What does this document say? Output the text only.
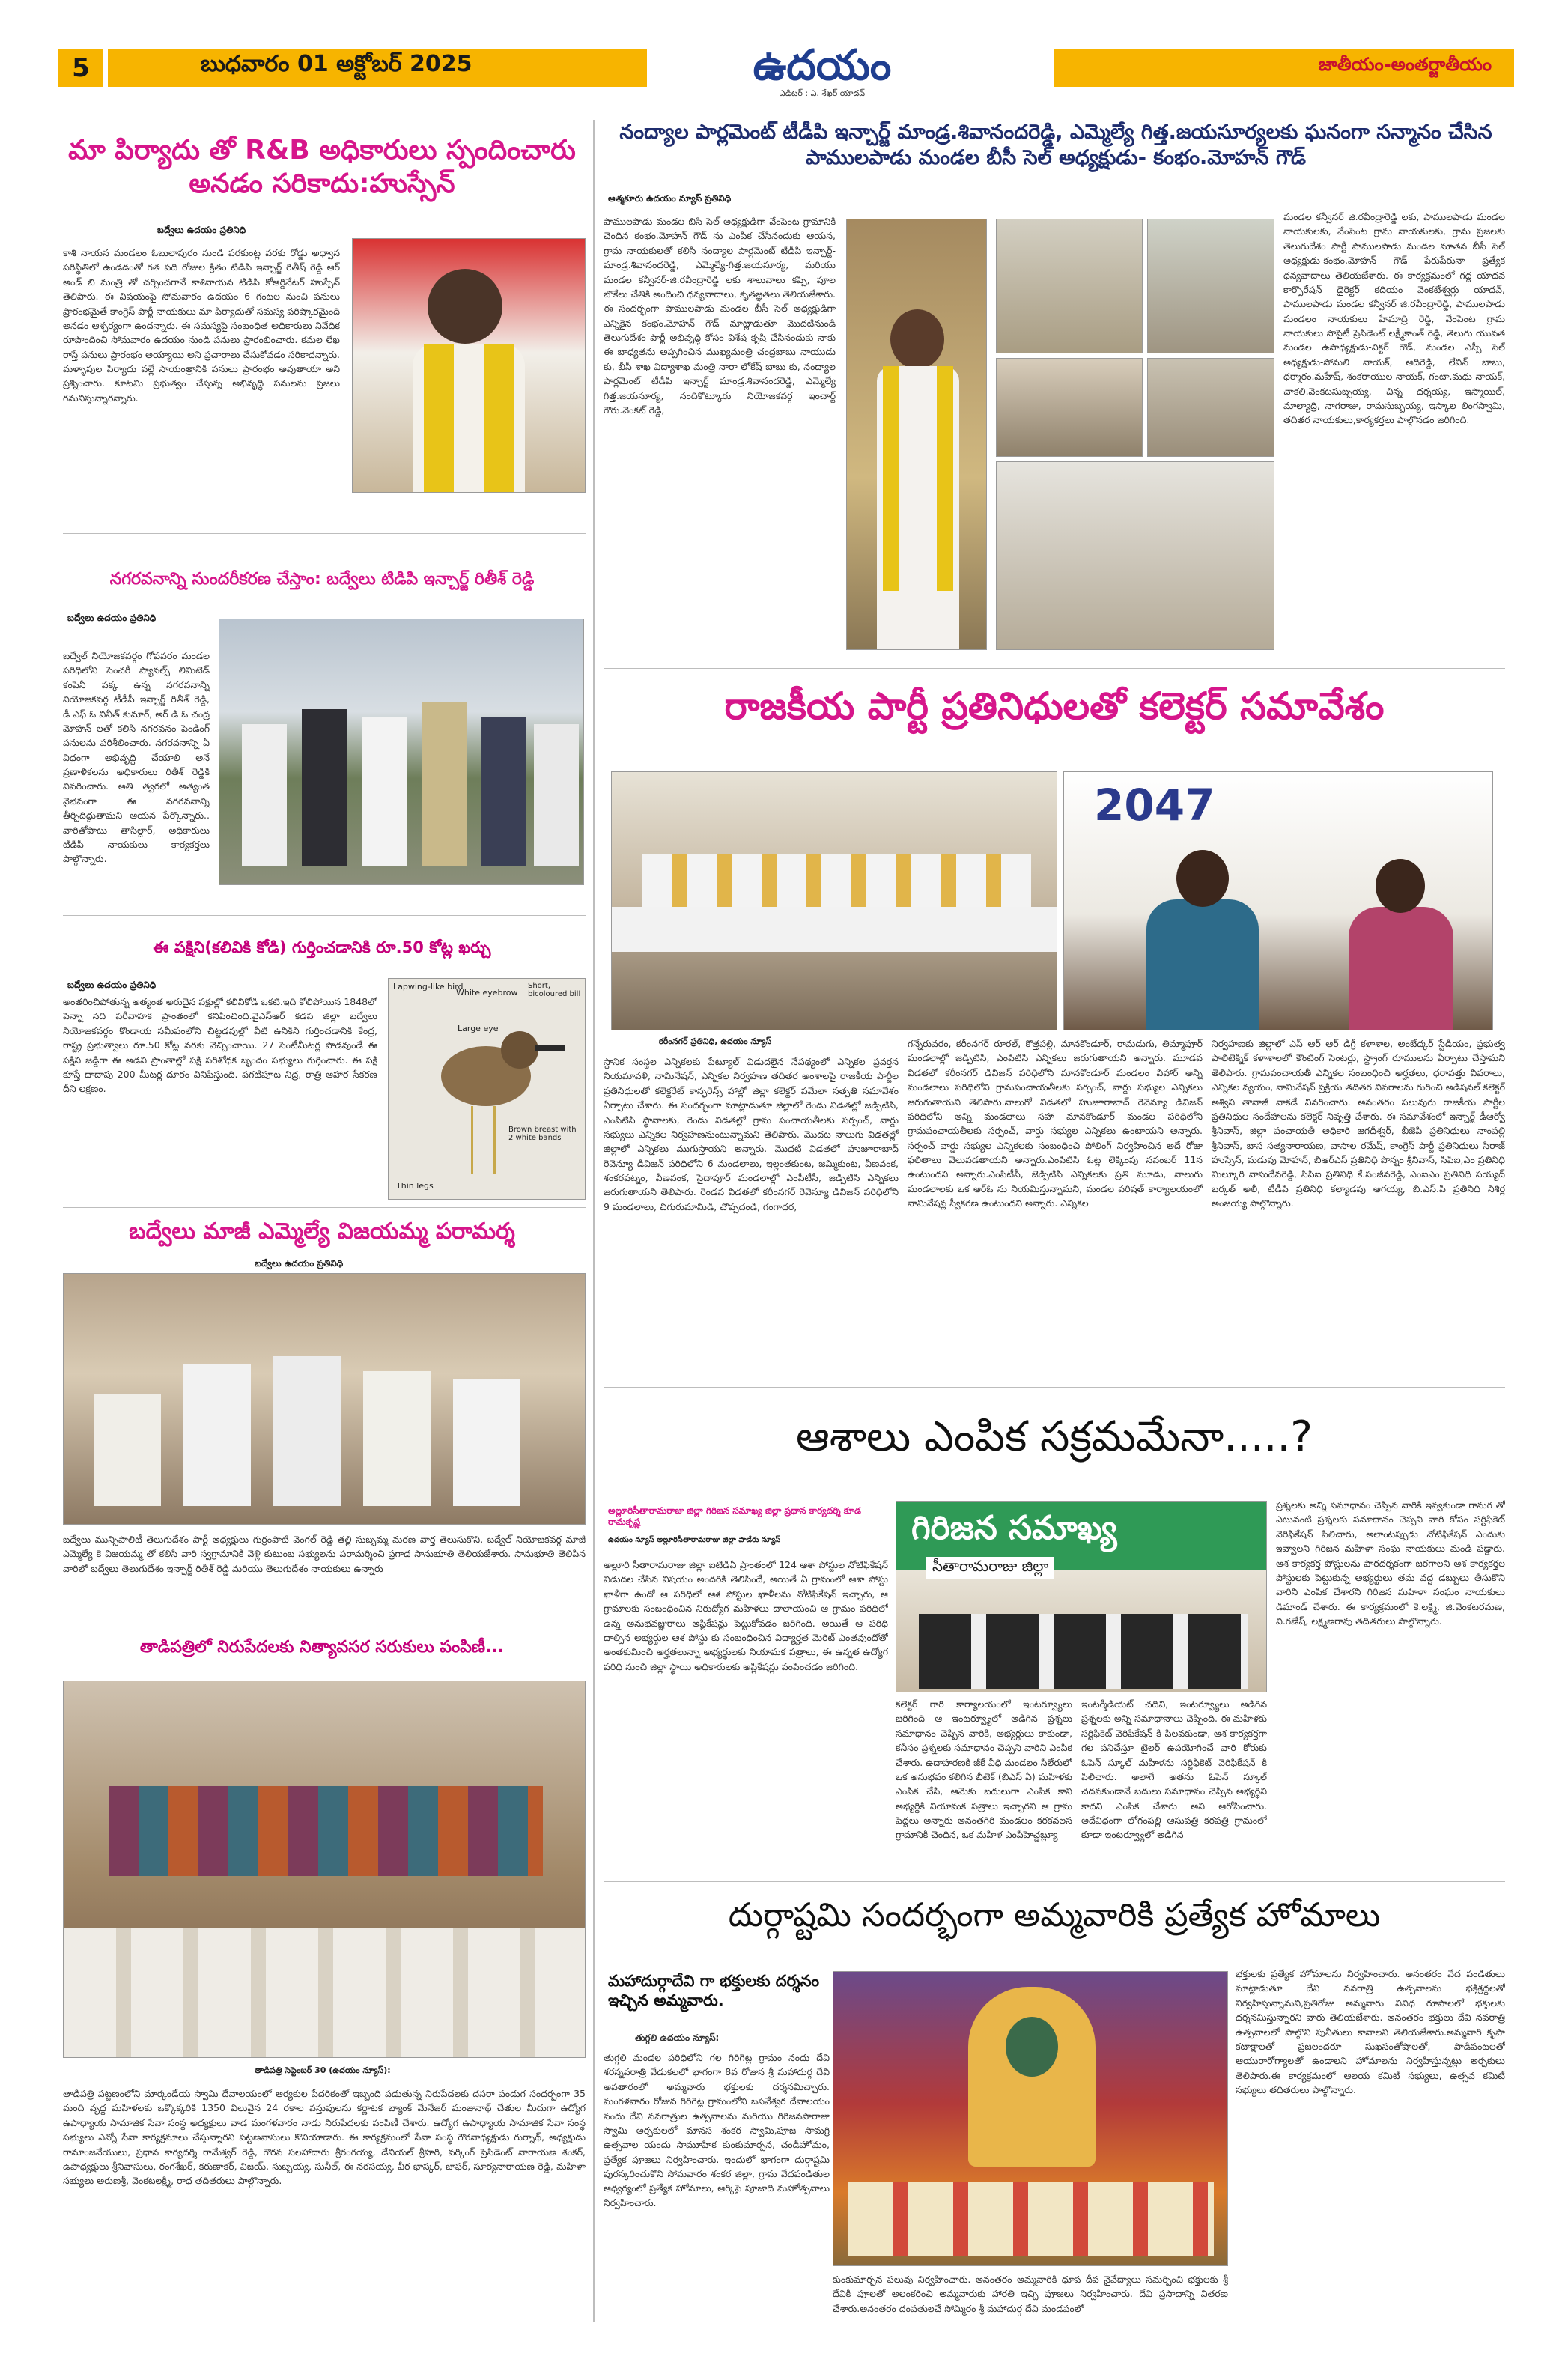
5	బుధవారం 01 అక్టోబర్ 2025	ఉదయం
ఎడిటర్ : ఎ. శేఖర్ యాదవ్
జాతీయం-అంతర్జాతీయం
మా పిర్యాదు తో R&B అధికారులు స్పందించారు అనడం సరికాదు:హుస్సేన్
బద్వేలు ఉదయం ప్రతినిధి
కాశి నాయన మండలం ఓబులాపురం నుండి పరకుంట్ల వరకు రోడ్డు అధ్వాన పరిస్థితిలో ఉండడంతో గత పది రోజుల క్రితం టిడిపి ఇన్చార్జ్ రితీష్ రెడ్డి ఆర్ అండ్ బి మంత్రి తో చర్చించగానే కాశినాయన టిడిపి కోఆర్డినేటర్ హుస్సేన్ తెలిపారు. ఈ విషయంపై సోమవారం ఉదయం 6 గంటల నుంచి పనులు ప్రారంభమైతే కాంగ్రెస్ పార్టీ నాయకులు మా పిర్యాదుతో సమస్య పరిష్కారమైంది అనడం ఆశ్చర్యంగా ఉందన్నారు. ఈ సమస్యపై సంబంధిత అధికారులు నివేదిక రూపొందించి సోమవారం ఉదయం నుండి పనులు ప్రారంభించారు. కమల లేఖ రాస్తే పనులు ప్రారంభం అయ్యాయి అని ప్రచారాలు చేసుకోవడం సరికాదన్నారు. మళ్ళాపుల పిర్యాదు వల్లే సాయంత్రానికి పనులు ప్రారంభం అవుతాయా అని ప్రశ్నించారు. కూటమి ప్రభుత్వం చేస్తున్న అభివృద్ధి పనులను ప్రజలు గమనిస్తున్నారన్నారు.
నగరవనాన్ని సుందరీకరణ చేస్తాం: బద్వేలు టిడిపి ఇన్చార్జ్ రితీశ్ రెడ్డి
బద్వేలు ఉదయం ప్రతినిధి
బద్వేల్ నియోజకవర్గం గోపవరం మండల పరిధిలోని సెంచరీ ప్యానల్స్ లిమిటెడ్ కంపెనీ పక్క ఉన్న నగరవనాన్ని నియోజకవర్గ టీడీపీ ఇన్చార్జ్ రితీశ్ రెడ్డి, డీ ఎఫ్ ఓ వినీత్ కుమార్, అర్ డి ఓ చంద్ర మోహన్ లతో కలిసి నగరవనం పెండింగ్ పనులను పరిశీలించారు. నగరవనాన్ని ఏ విధంగా అభివృద్ధి చేయాలి అనే ప్రణాళికలను అధికారులు రితీశ్ రెడ్డికి వివరించారు. అతి త్వరలో అత్యంత వైభవంగా ఈ నగరవనాన్ని తీర్చిదిద్దుతామని ఆయన పేర్కొన్నారు.. వారితోపాటు తాసిల్దార్, అధికారులు టీడీపీ నాయకులు కార్యకర్తలు పాల్గొన్నారు.
ఈ పక్షిని(కలివికి కోడి) గుర్తించడానికి రూ.50 కోట్ల ఖర్చు
బద్వేలు ఉదయం ప్రతినిధి
అంతరించిపోతున్న అత్యంత అరుదైన పక్షుల్లో కలివికోడి ఒకటి.ఇది కోలిపోయిన 1848లో పెన్నా నది పరీవాహక ప్రాంతంలో కనిపించింది.వైఎస్ఆర్ కడప జిల్లా బద్వేలు నియోజకవర్గం కొండాయ సమీపంలోని చిట్టడవుల్లో వీటి ఉనికిని గుర్తించడానికి కేంద్ర, రాష్ట్ర ప్రభుత్వాలు రూ.50 కోట్ల వరకు వెచ్చించాయి. 27 సెంటీమీటర్ల పొడవుండే ఈ పక్షిని జడ్డిగా ఈ అడవి ప్రాంతాల్లో పక్షి పరిశోధక బృందం సభ్యులు గుర్తించారు. ఈ పక్షి కూస్తే దాదాపు 200 మీటర్ల దూరం వినిపిస్తుంది. పగటిపూట నిద్ర, రాత్రి ఆహార సేకరణ దీని లక్షణం.
Lapwing-like bird
White eyebrow
Short, bicoloured bill
Large eye
Brown breast with 2 white bands
Thin legs
బద్వేలు మాజీ ఎమ్మెల్యే విజయమ్మ పరామర్శ
బద్వేలు ఉదయం ప్రతినిధి
బద్వేలు మున్సిపాలిటీ తెలుగుదేశం పార్టీ అధ్యక్షులు గుర్రంపాటి వెంగల్ రెడ్డి తల్లి సుబ్బమ్మ మరణ వార్త తెలుసుకొని, బద్వేల్ నియోజకవర్గ మాజీ ఎమ్మెల్యే కె విజయమ్మ తో కలిసి వారి స్వగ్రామానికి వెళ్లి కుటుంబ సభ్యులను పరామర్శించి ప్రగాఢ సానుభూతి తెలియజేశారు. సానుభూతి తెలిపిన వారిలో బద్వేలు తెలుగుదేశం ఇన్చార్జ్ రితీశ్ రెడ్డి మరియు తెలుగుదేశం నాయకులు ఉన్నారు
తాడిపత్రిలో నిరుపేదలకు నిత్యావసర సరుకులు పంపిణీ...
తాడిపత్రి సెప్టెంబర్ 30 (ఉదయం న్యూస్):
తాడిపత్రి పట్టణంలోని మార్కండేయ స్వామి దేవాలయంలో ఆర్యకుల పేదరికంతో ఇబ్బంది పడుతున్న నిరుపేదలకు దసరా పండుగ సందర్భంగా 35 మంది వృద్ధ మహిళలకు ఒక్కొక్కరికి 1350 విలువైన 24 రకాల వస్తువులను కర్ణాటక బ్యాంక్ మేనేజర్ మంజునాథ్ చేతుల మీదుగా ఉద్యోగ ఉపాధ్యాయ సామాజిక సేవా సంస్థ అధ్యక్షులు వాడ మంగళవారం నాడు నిరుపేదలకు పంపిణీ చేశారు. ఉద్యోగ ఉపాధ్యాయ సామాజిక సేవా సంస్థ సభ్యులు ఎన్నో సేవా కార్యక్రమాలు చేస్తున్నారని పట్టణవాసులు కొనియాడారు. ఈ కార్యక్రమంలో సేవా సంస్థ గౌరవాధ్యక్షుడు గుర్నాథ్, అధ్యక్షుడు రామాంజనేయులు, ప్రధాన కార్యదర్శి రామేశ్వర్ రెడ్డి, గౌరవ సలహాదారు శ్రీరంగయ్య, డేనియల్ శ్రీహరి, వర్కింగ్ ప్రెసిడెంట్ నారాయణ శంకర్, ఉపాధ్యక్షులు శ్రీనివాసులు, రంగశేఖర్, కరుణాకర్, విజయ్, సుబ్బయ్య, సునీల్, ఈ నరసయ్య, వీర భాస్కర్, జాఫర్, సూర్యనారాయణ రెడ్డి, మహిళా సభ్యులు అరుణశ్రీ, వెంకటలక్ష్మి, రాధ తదితరులు పాల్గొన్నారు.
నంద్యాల పార్లమెంట్ టీడీపి ఇన్చార్జ్ మాండ్ర.శివానందరెడ్డి, ఎమ్మెల్యే గిత్త.జయసూర్యలకు ఘనంగా సన్మానం చేసిన పాములపాడు మండల బీసీ సెల్ అధ్యక్షుడు- కంభం.మోహన్ గౌడ్
ఆత్మకూరు ఉదయం న్యూస్ ప్రతినిధి
పాములపాడు మండల బిసి సెల్ అధ్యక్షుడిగా వేంపెంట గ్రామానికి చెందిన కంభం.మోహన్ గౌడ్ ను ఎంపిక చేసినందుకు ఆయన, గ్రామ నాయకులతో కలిసి నంద్యాల పార్లమెంట్ టీడీపి ఇన్చార్జ్-మాండ్ర.శివానందరెడ్డి, ఎమ్మెల్యే-గిత్త.జయసూర్య, మరియు మండల కన్వీనర్-జి.రవీంద్రారెడ్డి లకు శాలువాలు కప్పి, పూల బొకేలు చేతికి అందించి ధన్యవాదాలు, కృతజ్ఞతలు తెలియజేశారు. ఈ సందర్భంగా పాములపాడు మండల బీసీ సెల్ అధ్యక్షుడిగా ఎన్నికైన కంభం.మోహన్ గౌడ్ మాట్లాడుతూ మొదటినుండి తెలుగుదేశం పార్టీ అభివృద్ధి కోసం విశేష కృషి చేసినందుకు నాకు ఈ బాధ్యతను అప్పగించిన ముఖ్యమంత్రి చంద్రబాబు నాయుడు కు, బీసీ శాఖ విద్యాశాఖ మంత్రి నారా లోకేష్ బాబు కు, నంద్యాల పార్లమెంట్ టీడీపి ఇన్చార్జ్ మాండ్ర.శివానందరెడ్డి, ఎమ్మెల్యే గిత్త.జయసూర్య, నందికొట్కూరు నియోజకవర్గ ఇంచార్జ్ గౌరు.వెంకట్ రెడ్డి,
మండల కన్వీనర్ జి.రవీంద్రారెడ్డి లకు, పాములపాడు మండల నాయకులకు, వేంపెంట గ్రామ నాయకులకు, గ్రామ ప్రజలకు తెలుగుదేశం పార్టీ పాములపాడు మండల నూతన బీసీ సెల్ అధ్యక్షుడు-కంభం.మోహన్ గౌడ్ పేరుపేరునా ప్రత్యేక ధన్యవాదాలు తెలియజేశారు. ఈ కార్యక్రమంలో గద్ద యాదవ కార్పొరేషన్ డైరెక్టర్ కదియం వెంకటేశ్వర్లు యాదవ్, పాములపాడు మండల కన్వీనర్ జి.రవీంద్రారెడ్డి, పాములపాడు మండలం నాయకులు హేమాద్రి రెడ్డి, వేంపెంట గ్రామ నాయకులు సొసైటీ ప్రెసిడెంట్ లక్ష్మీకాంత్ రెడ్డి, తెలుగు యువత మండల ఉపాధ్యక్షుడు-విక్టర్ గౌడ్, మండల ఎస్సీ సెల్ అధ్యక్షుడు-సోమలి నాయక్, ఆదిరెడ్డి, లేవిన్ బాబు, ధర్మారం.మహేష్, శంకరాయుల నాయక్, గంటా.మధు నాయక్, చాకలి.వెంకటసుబ్బయ్య, చిన్న దర్శయ్య, ఇస్మాయిల్, మాల్యాద్రి, నాగరాజు, రామసుబ్బయ్య, ఇస్కాల లింగస్వామి, తదితర నాయకులు,కార్యకర్తలు పాల్గొనడం జరిగింది.
రాజకీయ పార్టీ ప్రతినిధులతో కలెక్టర్ సమావేశం
2047
కరీంనగర్ ప్రతినిధి, ఉదయం న్యూస్
స్థానిక సంస్థల ఎన్నికలకు పేట్యూల్ విడుదలైన నేపథ్యంలో ఎన్నికల ప్రవర్తన నియమావళి, నామినేషన్, ఎన్నికల నిర్వహణ తదితర అంశాలపై రాజకీయ పార్టీల ప్రతినిధులతో కలెక్టరేట్ కాన్ఫరెన్స్ హాల్లో జిల్లా కలెక్టర్ పమేలా సత్పతి సమావేశం ఏర్పాటు చేశారు. ఈ సందర్భంగా మాట్లాడుతూ జిల్లాలో రెండు విడతల్లో జడ్పిటిసి, ఎంపిటిసి స్థానాలకు, రెండు విడతల్లో గ్రామ పంచాయతీలకు సర్పంచ్, వార్డు సభ్యులు ఎన్నికల నిర్వహణనుంటున్నామని తెలిపారు. మొదట నాలుగు విడతల్లో జిల్లాలో ఎన్నికలు ముగుస్తాయని అన్నారు. మొదటి విడతలో హుజూరాబాద్ రెవెన్యూ డివిజన్ పరిధిలోని 6 మండలాలు, ఇల్లంతకుంట, జమ్మికుంట, వీణవంక, శంకరపట్నం, వీణవంక, సైదాపూర్ మండలాల్లో ఎంపీటీసీ, జడ్పిటిసి ఎన్నికలు జరుగుతాయని తెలిపారు. రెండవ విడతలో కరీంనగర్ రెవెన్యూ డివిజన్ పరిధిలోని 9 మండలాలు, చిగురుమామిడి, చొప్పదండి, గంగాధర,
గన్నేరువరం, కరీంనగర్ రూరల్, కొత్తపల్లి, మానకొండూర్, రామడుగు, తిమ్మాపూర్ మండలాల్లో జడ్పిటిసి, ఎంపిటిసి ఎన్నికలు జరుగుతాయని అన్నారు. మూడవ విడతలో కరీంనగర్ డివిజన్ పరిధిలోని మానకొండూర్ మండలం విహార్ అన్ని మండలాలు పరిధిలోని గ్రామపంచాయతీలకు సర్పంచ్, వార్డు సభ్యుల ఎన్నికలు జరుగుతాయని తెలిపారు.నాలుగో విడతలో హుజూరాబాద్ రెవెన్యూ డివిజన్ పరిధిలోని అన్ని మండలాలు సహా మానకొండూర్ మండల పరిధిలోని గ్రామపంచాయతీలకు సర్పంచ్, వార్డు సభ్యుల ఎన్నికలు ఉంటాయని అన్నారు. సర్పంచ్ వార్డు సభ్యుల ఎన్నికలకు సంబంధించి పోలింగ్ నిర్వహించిన అదే రోజు ఫలితాలు వెలువడతాయని అన్నారు.ఎంపిటిసి ఓట్ల లెక్కింపు నవంబర్ 11న ఉంటుందని అన్నారు.ఎంపిటీసీ, జెడ్పిటిసి ఎన్నికలకు ప్రతి మూడు, నాలుగు మండలాలకు ఒక ఆర్ఓ ను నియమిస్తున్నామని, మండల పరిషత్ కార్యాలయంలో నామినేషన్ల స్వీకరణ ఉంటుందని అన్నారు. ఎన్నికల
నిర్వహణకు జిల్లాలో ఎస్ ఆర్ ఆర్ డిగ్రీ కళాశాల, అంబేద్కర్ స్టేడియం, ప్రభుత్వ పాలిటెక్నిక్ కళాశాలలో కౌంటింగ్ సెంటర్లు, స్ట్రాంగ్ రూములను ఏర్పాటు చేస్తామని తెలిపారు. గ్రామపంచాయతీ ఎన్నికల సంబంధించి అర్హతలు, ధరావత్తు వివరాలు, ఎన్నికల వ్యయం, నామినేషన్ ప్రక్రియ తదితర వివరాలను గురించి అడిషనల్ కలెక్టర్ అశ్విని తానాజీ వాకడే వివరించారు. అనంతరం పలువురు రాజకీయ పార్టీల ప్రతినిధుల సందేహాలను కలెక్టర్ నివృత్తి చేశారు. ఈ సమావేశంలో ఇన్చార్జ్ డీఆర్వో శ్రీనివాస్, జిల్లా పంచాయతీ అధికారి జగదీశ్వర్, బీజెపి ప్రతినిధులు నాంపల్లి శ్రీనివాస్, బాస సత్యనారాయణ, వాసాల రమేష్, కాంగ్రెస్ పార్టీ ప్రతినిధులు సిరాజ్ హుస్సేన్, మడుపు మోహన్, బిఆర్ఎస్ ప్రతినిధి పొన్నం శ్రీనివాస్, సిపిఐ,ఎం ప్రతినిధి మిల్కూరి వాసుదేవరెడ్డి, సిపిఐ ప్రతినిధి కే.సంజీవరెడ్డి, ఎంఐఎం ప్రతినిధి సయ్యద్ బర్కత్ అలీ, టీడీపి ప్రతినిధి కల్యాడపు ఆగయ్య, బి.ఎస్.పి ప్రతినిధి నిశిర్ల అంజయ్య పాల్గొన్నారు.
ఆశాలు ఎంపిక సక్రమమేనా.....?
అల్లూరిసీతారామరాజు జిల్లా గిరిజన సమాఖ్య జిల్లా ప్రధాన కార్యదర్శి కూడ రామకృష్ణ
ఉదయం న్యూస్ అల్లూరిసీతారామరాజు జిల్లా పాడేరు న్యూస్
అల్లూరి సీతారామరాజు జిల్లా ఐటిడిఏ ప్రాంతంలో 124 ఆశా పోస్టుల నోటిఫికేషన్ విడుదల చేసిన విషయం అందరికి తెలిసిందే, అయితే ఏ గ్రామంలో ఆశా పోస్టు ఖాళీగా ఉందో ఆ పరిధిలో ఆశ పోస్టుల ఖాళీలను నోటిఫికేషన్ ఇచ్చారు, ఆ గ్రామాలకు సంబంధించిన నిరుద్యోగ మహిళలు దాలాయంచి ఆ గ్రామం పరిధిలో ఉన్న అనుభవజ్ఞురాలు అప్లికేషన్లు పెట్టుకోవడం జరిగింది. అయితే ఆ పరిధి దాల్చిన అభ్యర్థుల ఆశ పోస్టు కు సంబంధించిన విద్యార్హత మెరిట్ ఎంతవుందోతో అంతకుమించి అర్హతలున్నా అభ్యర్థులకు నియామక పత్రాలు, ఈ ఉన్నత ఉద్యోగ పరిధి నుంచి జిల్లా స్థాయి అధికారులకు అప్లికేషన్లు పంపించడం జరిగింది.
గిరిజన సమాఖ్య
సీతారామరాజు జిల్లా
కలెక్టర్ గారి కార్యాలయంలో ఇంటర్వ్యూలు జరిగింది ఆ ఇంటర్వ్యూలో అడిగిన ప్రశ్నలు సమాధానం చెప్పిన వారికి, అభ్యర్థులు కాకుండా, కనీసం ప్రశ్నలకు సమాధానం చెప్పని వారిని ఎంపిక చేశారు. ఉదాహరణకి జీకే వీధి మండలం సీలేరులో ఒక అనుభవం కలిగిన బీటెక్ (బిఎస్ ఏ) మహిళకు ఎంపిక చేసి, ఆమెకు బదులుగా ఎంపిక కాని అభ్యర్థికి నియామక పత్రాలు ఇచ్చారని ఆ గ్రామ పెద్దలు అన్నారు అనంతగిరి మండలం కరకవలస గ్రామానికి చెందిన, ఒక మహిళ ఎంపీహెచ్డబ్ల్యూ
ఇంటర్మీడియట్ చదివి, ఇంటర్వ్యూలు అడిగిన ప్రశ్నలకు అన్ని సమాధానాలు చెప్పింది. ఈ మహిళకు సర్టిఫికెట్ వెరిఫికేషన్ కి పిలవకుండా, ఆశ కార్యకర్తగా గల పనిచేస్తూ టైలర్ ఉపయోగించే వారి కోరుకు ఓపెన్ స్కూల్ మహిళను సర్టిఫికెట్ వెరిఫికేషన్ కి పిలిచారు. అలాగే అతను ఓపెన్ స్కూల్ చదవకుండానే బదులు సమాధానం చెప్పిన అభ్యర్థిని కాదని ఎంపిక చేశారు అని ఆరోపించారు. అదేవిధంగా లోగంపల్లి ఆసుపత్రి కరపత్రి గ్రామంలో కూడా ఇంటర్వ్యూలో అడిగిన
ప్రశ్నలకు అన్ని సమాధానం చెప్పిన వారికి ఇవ్వకుండా గానుగ తో ఎటువంటి ప్రశ్నలకు సమాధానం చెప్పని వారి కోసం సర్టిఫికెట్ వెరిఫికేషన్ పిలిచారు, అలాంటప్పుడు నోటిఫికేషన్ ఎందుకు ఇవ్వాలని గిరిజన మహిళా సంఘ నాయకులు మండి పడ్డారు. ఆశ కార్యకర్త పోస్టులను పారదర్శకంగా జరగాలని ఆశ కార్యకర్తల పోస్టులకు పెట్టుకున్న అభ్యర్థులు తమ వద్ద డబ్బులు తీసుకొని వారిని ఎంపిక చేశారని గిరిజన మహిళా సంఘం నాయకులు డిమాండ్ చేశారు. ఈ కార్యక్రమంలో కె.లక్ష్మి, జి.వెంకటరమణ, వి.గణేష్, లక్ష్మణరావు తదితరులు పాల్గొన్నారు.
దుర్గాష్టమి సందర్భంగా అమ్మవారికి ప్రత్యేక హోమాలు
మహాదుర్గాదేవి గా భక్తులకు దర్శనం ఇచ్చిన అమ్మవారు.
తుగ్గలి ఉదయం న్యూస్:
తుగ్గలి మండల పరిధిలోని గల గిరిగెట్ల గ్రామం నందు దేవి శరన్నవరాత్రి వేడుకలలో భాగంగా 8వ రోజున శ్రీ మహాదుర్గ దేవి అవతారంలో అమ్మవారు భక్తులకు దర్శనమిచ్చారు. మంగళవారం రోజున గిరిగెట్ల గ్రామంలోని బసవేశ్వర దేవాలయం నందు దేవి నవరాత్రుల ఉత్సవాలను మరియు గిరిజనపారాజు స్వామి అర్చకులలో మానస శంకర స్వామి,పూజ సామగ్రి ఉత్సవాల యందు సామూహిక కుంకుమార్చన, చండీహోమం, ప్రత్యేక పూజలు నిర్వహించారు. ఇందులో భాగంగా దుర్గాష్టమి పురస్కరించుకొని సోమవారం శంకర జిల్లా, గ్రామ వేదపండితుల ఆధ్వర్యంలో ప్రత్యేక హోమాలు, ఆర్కిపై పూజాది మహోత్సవాలు నిర్వహించారు.
కుంకుమార్చన పలువు నిర్వహించారు. అనంతరం అమ్మవారికి ధూప దీప నైవేద్యాలు సమర్పించి భక్తులకు శ్రీ దేవికి పూలతో అలంకరించి అమ్మవారుకు హారతి ఇచ్చి పూజలు నిర్వహించారు. దేవి ప్రసాదాన్ని వితరణ చేశారు.అనంతరం దంపతులచే సోమ్మిరం శ్రీ మహాదుర్గ దేవి మండపంలో
భక్తులకు ప్రత్యేక హోమాలను నిర్వహించారు. అనంతరం వేద పండితులు మాట్లాడుతూ దేవి నవరాత్రి ఉత్సవాలను భక్తిశ్రద్ధలతో నిర్వహిస్తున్నామని,ప్రతిరోజు అమ్మవారు వివిధ రూపాలలో భక్తులకు దర్శనమిస్తున్నారని వారు తెలియజేశారు. అనంతరం భక్తులు దేవి నవరాత్రి ఉత్సవాలలో పాల్గొని పునీతులు కావాలని తెలియజేశారు.అమ్మవారి కృపా కటాక్షాలతో ప్రజలందరూ సుఖసంతోషాలతో, పాడిపంటలతో ఆయురారోగ్యాలతో ఉండాలని హోమాలను నిర్వహిస్తున్నట్లు అర్చకులు తెలిపారు.ఈ కార్యక్రమంలో ఆలయ కమిటీ సభ్యులు, ఉత్సవ కమిటీ సభ్యులు తదితరులు పాల్గొన్నారు.
